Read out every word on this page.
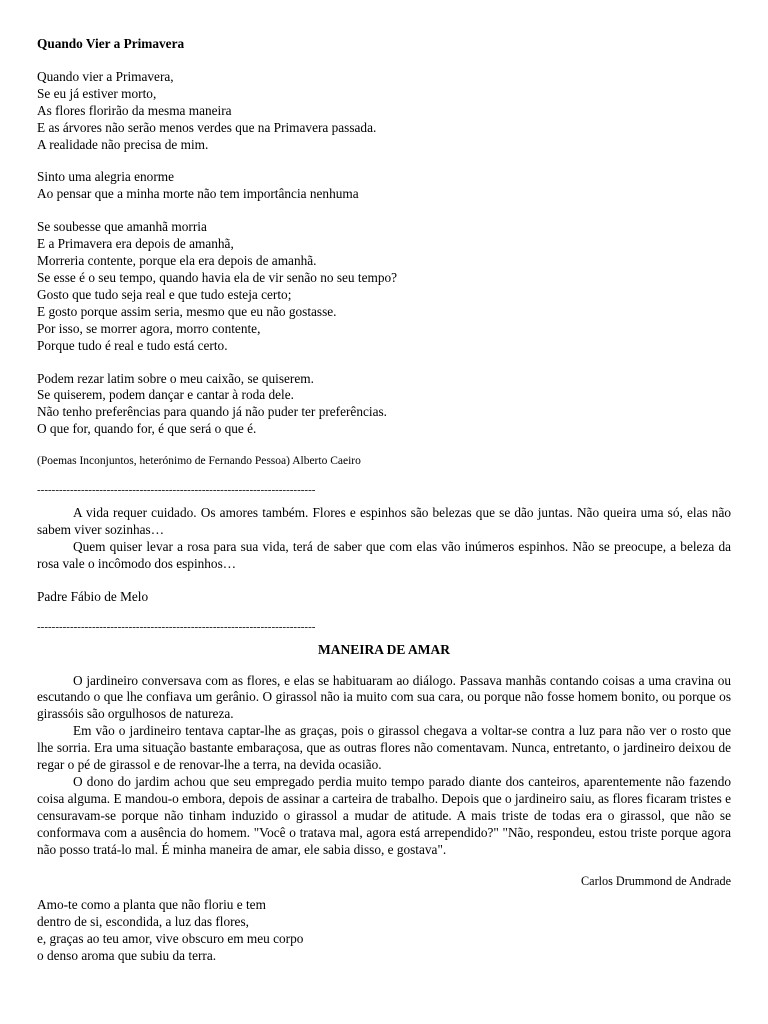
Quando Vier a Primavera
Quando vier a Primavera,
Se eu já estiver morto,
As flores florirão da mesma maneira
E as árvores não serão menos verdes que na Primavera passada.
A realidade não precisa de mim.
Sinto uma alegria enorme
Ao pensar que a minha morte não tem importância nenhuma
Se soubesse que amanhã morria
E a Primavera era depois de amanhã,
Morreria contente, porque ela era depois de amanhã.
Se esse é o seu tempo, quando havia ela de vir senão no seu tempo?
Gosto que tudo seja real e que tudo esteja certo;
E gosto porque assim seria, mesmo que eu não gostasse.
Por isso, se morrer agora, morro contente,
Porque tudo é real e tudo está certo.
Podem rezar latim sobre o meu caixão, se quiserem.
Se quiserem, podem dançar e cantar à roda dele.
Não tenho preferências para quando já não puder ter preferências.
O que for, quando for, é que será o que é.
(Poemas Inconjuntos, heterónimo de Fernando Pessoa) Alberto Caeiro
----------------------------------------------------------------------------

A vida requer cuidado. Os amores também. Flores e espinhos são belezas que se dão juntas. Não queira uma só, elas não sabem viver sozinhas…

Quem quiser levar a rosa para sua vida, terá de saber que com elas vão inúmeros espinhos. Não se preocupe, a beleza da rosa vale o incômodo dos espinhos…

Padre Fábio de Melo
----------------------------------------------------------------------------
MANEIRA DE AMAR

O jardineiro conversava com as flores, e elas se habituaram ao diálogo. Passava manhãs contando coisas a uma cravina ou escutando o que lhe confiava um gerânio. O girassol não ia muito com sua cara, ou porque não fosse homem bonito, ou porque os girassóis são orgulhosos de natureza.

Em vão o jardineiro tentava captar-lhe as graças, pois o girassol chegava a voltar-se contra a luz para não ver o rosto que lhe sorria. Era uma situação bastante embaraçosa, que as outras flores não comentavam. Nunca, entretanto, o jardineiro deixou de regar o pé de girassol e de renovar-lhe a terra, na devida ocasião.

O dono do jardim achou que seu empregado perdia muito tempo parado diante dos canteiros, aparentemente não fazendo coisa alguma. E mandou-o embora, depois de assinar a carteira de trabalho. Depois que o jardineiro saiu, as flores ficaram tristes e censuravam-se porque não tinham induzido o girassol a mudar de atitude. A mais triste de todas era o girassol, que não se conformava com a ausência do homem. "Você o tratava mal, agora está arrependido?" "Não, respondeu, estou triste porque agora não posso tratá-lo mal. É minha maneira de amar, ele sabia disso, e gostava".

Carlos Drummond de Andrade
Amo-te como a planta que não floriu e tem
dentro de si, escondida, a luz das flores,
e, graças ao teu amor, vive obscuro em meu corpo
o denso aroma que subiu da terra.
